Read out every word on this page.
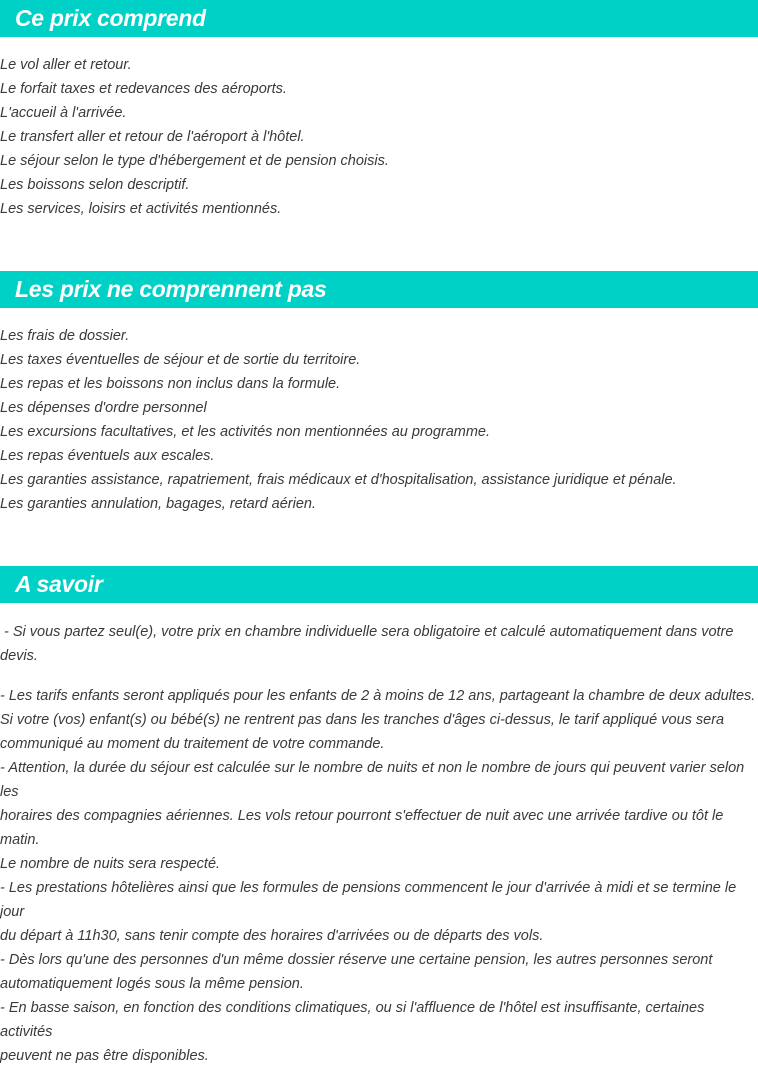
Ce prix comprend
Le vol aller et retour.
Le forfait taxes et redevances des aéroports.
L'accueil à l'arrivée.
Le transfert aller et retour de l'aéroport à l'hôtel.
Le séjour selon le type d'hébergement et de pension choisis.
Les boissons selon descriptif.
Les services, loisirs et activités mentionnés.
Les prix ne comprennent pas
Les frais de dossier.
Les taxes éventuelles de séjour et de sortie du territoire.
Les repas et les boissons non inclus dans la formule.
Les dépenses d'ordre personnel
Les excursions facultatives, et les activités non mentionnées au programme.
Les repas éventuels aux escales.
Les garanties assistance, rapatriement, frais médicaux et d'hospitalisation, assistance juridique et pénale.
Les garanties annulation, bagages, retard aérien.
A savoir
- Si vous partez seul(e), votre prix en chambre individuelle sera obligatoire et calculé automatiquement dans votre
devis.
- Les tarifs enfants seront appliqués pour les enfants de 2 à moins de 12 ans, partageant la chambre de deux adultes.
Si votre (vos) enfant(s) ou bébé(s) ne rentrent pas dans les tranches d'âges ci-dessus, le tarif appliqué vous sera
communiqué au moment du traitement de votre commande.
- Attention, la durée du séjour est calculée sur le nombre de nuits et non le nombre de jours qui peuvent varier selon les
horaires des compagnies aériennes. Les vols retour pourront s'effectuer de nuit avec une arrivée tardive ou tôt le matin.
Le nombre de nuits sera respecté.
- Les prestations hôtelières ainsi que les formules de pensions commencent le jour d'arrivée à midi et se termine le jour
du départ à 11h30, sans tenir compte des horaires d'arrivées ou de départs des vols.
- Dès lors qu'une des personnes d'un même dossier réserve une certaine pension, les autres personnes seront
automatiquement logés sous la même pension.
- En basse saison, en fonction des conditions climatiques, ou si l'affluence de l'hôtel est insuffisante, certaines activités
peuvent ne pas être disponibles.
